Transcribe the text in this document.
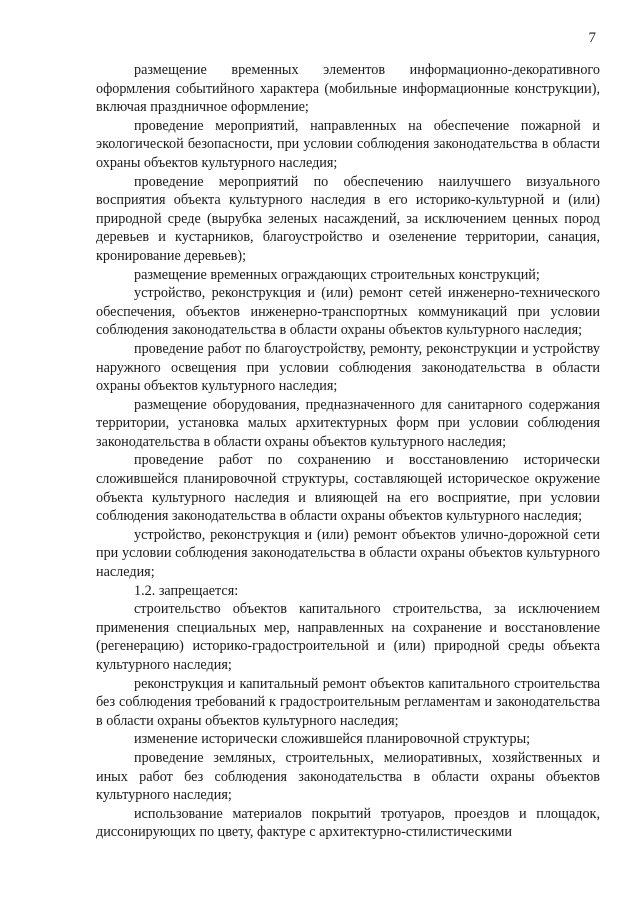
7

размещение временных элементов информационно-декоративного оформления событийного характера (мобильные информационные конструкции), включая праздничное оформление;

проведение мероприятий, направленных на обеспечение пожарной и экологической безопасности, при условии соблюдения законодательства в области охраны объектов культурного наследия;

проведение мероприятий по обеспечению наилучшего визуального восприятия объекта культурного наследия в его историко-культурной и (или) природной среде (вырубка зеленых насаждений, за исключением ценных пород деревьев и кустарников, благоустройство и озеленение территории, санация, кронирование деревьев);

размещение временных ограждающих строительных конструкций;

устройство, реконструкция и (или) ремонт сетей инженерно-технического обеспечения, объектов инженерно-транспортных коммуникаций при условии соблюдения законодательства в области охраны объектов культурного наследия;

проведение работ по благоустройству, ремонту, реконструкции и устройству наружного освещения при условии соблюдения законодательства в области охраны объектов культурного наследия;

размещение оборудования, предназначенного для санитарного содержания территории, установка малых архитектурных форм при условии соблюдения законодательства в области охраны объектов культурного наследия;

проведение работ по сохранению и восстановлению исторически сложившейся планировочной структуры, составляющей историческое окружение объекта культурного наследия и влияющей на его восприятие, при условии соблюдения законодательства в области охраны объектов культурного наследия;

устройство, реконструкция и (или) ремонт объектов улично-дорожной сети при условии соблюдения законодательства в области охраны объектов культурного наследия;

1.2. запрещается:

строительство объектов капитального строительства, за исключением применения специальных мер, направленных на сохранение и восстановление (регенерацию) историко-градостроительной и (или) природной среды объекта культурного наследия;

реконструкция и капитальный ремонт объектов капитального строительства без соблюдения требований к градостроительным регламентам и законодательства в области охраны объектов культурного наследия;

изменение исторически сложившейся планировочной структуры;

проведение земляных, строительных, мелиоративных, хозяйственных и иных работ без соблюдения законодательства в области охраны объектов культурного наследия;

использование материалов покрытий тротуаров, проездов и площадок, диссонирующих по цвету, фактуре с архитектурно-стилистическими
